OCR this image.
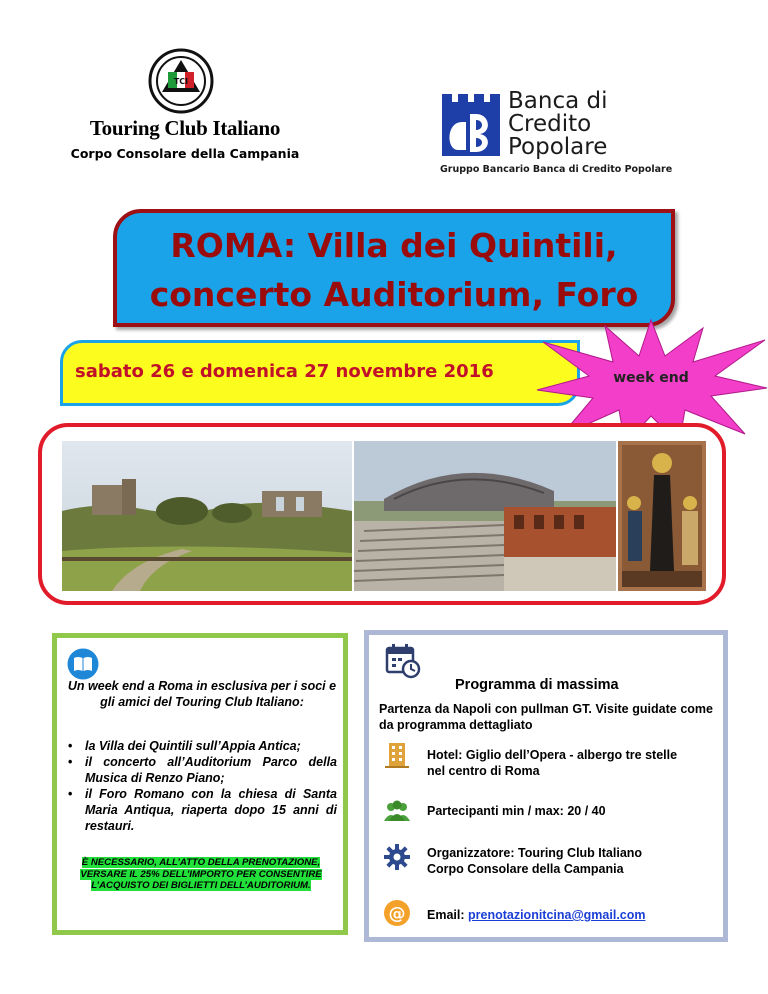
TCI
Touring Club Italiano
Corpo Consolare della Campania
Banca di
Credito
Popolare
Gruppo Bancario Banca di Credito Popolare
ROMA: Villa dei Quintili,
concerto Auditorium, Foro
sabato 26 e domenica 27 novembre 2016	week end
Un week end a Roma in esclusiva per i soci e gli amici del Touring Club Italiano:
• la Villa dei Quintili sull’Appia Antica;
• il concerto all’Auditorium Parco della Musica di Renzo Piano;
• il Foro Romano con la chiesa di Santa Maria Antiqua, riaperta dopo 15 anni di restauri.
È NECESSARIO, ALL’ATTO DELLA PRENOTAZIONE, VERSARE IL 25% DELL’IMPORTO PER CONSENTIRE L’ACQUISTO DEI BIGLIETTI DELL’AUDITORIUM.
Programma di massima
Partenza da Napoli con pullman GT. Visite guidate come da programma dettagliato
Hotel: Giglio dell’Opera - albergo tre stelle nel centro di Roma
Partecipanti min / max: 20 / 40
Organizzatore: Touring Club Italiano
Corpo Consolare della Campania
@ Email: prenotazionitcina@gmail.com
